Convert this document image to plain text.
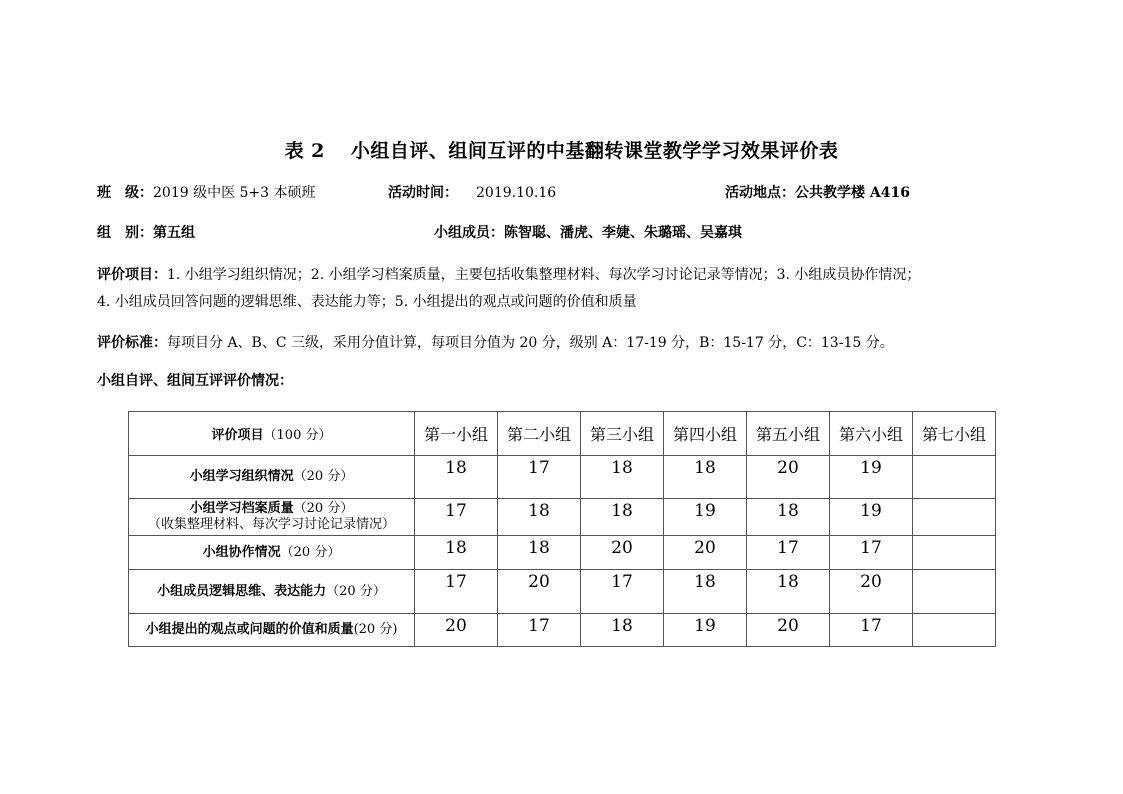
表 2 小组自评、组间互评的中基翻转课堂教学学习效果评价表
班　级：2019 级中医 5+3 本硕班	活动时间： 2019.10.16	活动地点：公共教学楼 A416
组　别：第五组	小组成员：陈智聪、潘虎、李婕、朱璐瑶、吴嘉琪
评价项目：1. 小组学习组织情况；2. 小组学习档案质量，主要包括收集整理材料、每次学习讨论记录等情况；3. 小组成员协作情况；
4. 小组成员回答问题的逻辑思维、表达能力等；5. 小组提出的观点或问题的价值和质量
评价标准：每项目分 A、B、C 三级，采用分值计算，每项目分值为 20 分，级别 A：17-19 分，B：15-17 分，C：13-15 分。
小组自评、组间互评评价情况：
评价项目（100 分）	第一小组	第二小组	第三小组	第四小组	第五小组	第六小组	第七小组
小组学习组织情况（20 分）	18	17	18	18	20	19	
小组学习档案质量（20 分）
（收集整理材料、每次学习讨论记录情况）	17	18	18	19	18	19	
小组协作情况（20 分）	18	18	20	20	17	17	
小组成员逻辑思维、表达能力（20 分）	17	20	17	18	18	20	
小组提出的观点或问题的价值和质量(20 分)	20	17	18	19	20	17	
